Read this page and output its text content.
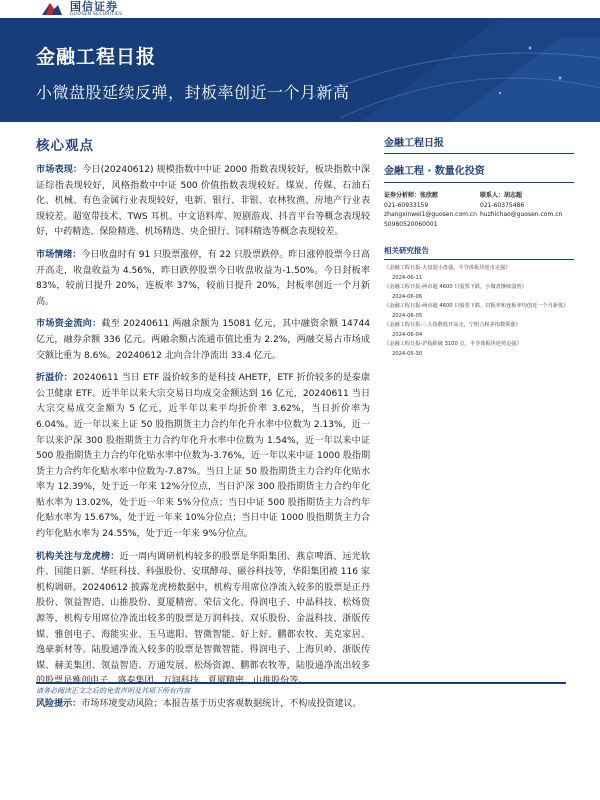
国信证券
GUOSEN SECURITIES
金融工程日报
小微盘股延续反弹，封板率创近一个月新高
核心观点

市场表现：今日(20240612) 规模指数中中证 2000 指数表现较好，板块指数中深证综指表现较好，风格指数中中证 500 价值指数表现较好。煤炭、传媒、石油石化、机械、有色金属行业表现较好，电新、银行、非银、农林牧渔、房地产行业表现较差。超宽带技术、TWS 耳机、中文语料库、短剧游戏、抖音平台等概念表现较好，中药精选、保险精选、机场精选、央企银行、饲料精选等概念表现较差。

市场情绪：今日收盘时有 91 只股票涨停，有 22 只股票跌停。昨日涨停股票今日高开高走，收盘收益为 4.56%，昨日跌停股票今日收盘收益为-1.50%。今日封板率 83%，较前日提升 20%，连板率 37%，较前日提升 20%，封板率创近一个月新高。

市场资金流向：截至 20240611 两融余额为 15081 亿元，其中融资余额 14744 亿元，融券余额 336 亿元。两融余额占流通市值比重为 2.2%，两融交易占市场成交额比重为 8.6%。20240612 北向合计净流出 33.4 亿元。

折溢价：20240611 当日 ETF 溢价较多的是科技 AHETF，ETF 折价较多的是泰康公卫健康 ETF。近半年以来大宗交易日均成交金额达到 16 亿元，20240611 当日大宗交易成交金额为 5 亿元，近半年以来平均折价率 3.62%，当日折价率为 6.04%。近一年以来上证 50 股指期货主力合约年化升水率中位数为 2.13%，近一年以来沪深 300 股指期货主力合约年化升水率中位数为 1.54%，近一年以来中证 500 股指期货主力合约年化贴水率中位数为-3.76%，近一年以来中证 1000 股指期货主力合约年化贴水率中位数为-7.87%。当日上证 50 股指期货主力合约年化贴水率为 12.39%，处于近一年来 12%分位点，当日沪深 300 股指期货主力合约年化贴水率为 13.02%，处于近一年来 5%分位点；当日中证 500 股指期货主力合约年化贴水率为 15.67%，处于近一年来 10%分位点；当日中证 1000 股指期货主力合约年化贴水率为 24.55%，处于近一年来 9%分位点。

机构关注与龙虎榜：近一周内调研机构较多的股票是华阳集团、燕京啤酒、远光软件、国能日新、华旺科技、科强股份、安琪酵母、磁谷科技等，华阳集团被 116 家机构调研。20240612 披露龙虎榜数据中，机构专用席位净流入较多的股票是正丹股份、领益智造、山推股份、夏厦精密、荣信文化、得润电子、中晶科技、松炀资源等，机构专用席位净流出较多的股票是万润科技、双乐股份、金溢科技、浙版传媒、雅创电子、海能实业、玉马遮阳、智微智能、好上好、鹏都农牧、美克家居、逸豪新材等。陆股通净流入较多的股票是智微智能、得润电子、上海贝岭、浙版传媒、赫美集团、领益智造、万通发展、松炀资源、鹏都农牧等，陆股通净流出较多

风险提示：市场环境变动风险；本报告基于历史客观数据统计，不构成投资建议。

金融工程日报
金融工程 · 数量化投资
证券分析师：张欣慰	联系人：胡志超
021-60933159	021-60375486
zhangxinwei1@guosen.com.cn huzhichao@guosen.com.cn
S0980520060001
相关研究报告
《金融工程日报-大盘弱小盘强，半导体板块逆市走强》
2024-06-11
《金融工程日报-两市超 4600 只股票下跌，小微盘继续弱势》
2024-06-06
《金融工程日报-两市超 4600 只股票下跌，封板率和连板率均创近一个月新低》
2024-06-05
《金融工程日报-三大指数低开高走，宁组合和茅指数领涨》
2024-06-04
《金融工程日报-沪指跌破 3100 点，半导体板块逆势走强》
2024-05-30
请务必阅读正文之后的免责声明及其项下所有内容
